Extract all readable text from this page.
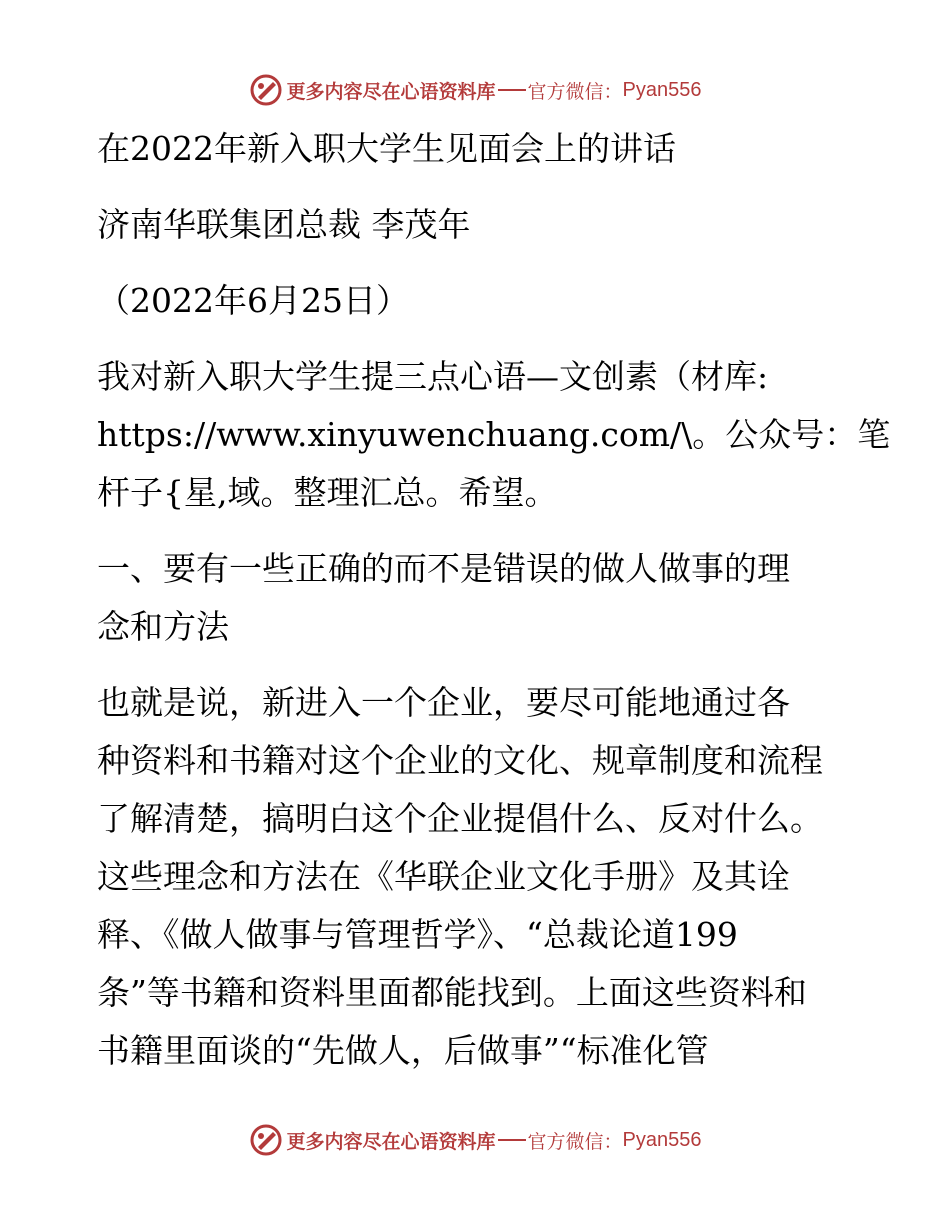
更多内容尽在心语资料库 官方微信： Pyan556
在2022年新入职大学生见面会上的讲话
济南华联集团总裁 李茂年
（2022年6月25日）
我对新入职大学生提三点心语—文创素（材库:
https://www.xinyuwenchuang.com/\。公众号：笔
杆子{星,域。整理汇总。希望。
一、要有一些正确的而不是错误的做人做事的理
念和方法
也就是说，新进入一个企业，要尽可能地通过各
种资料和书籍对这个企业的文化、规章制度和流程
了解清楚，搞明白这个企业提倡什么、反对什么。
这些理念和方法在《华联企业文化手册》及其诠
释、《做人做事与管理哲学》、“总裁论道199
条”等书籍和资料里面都能找到。上面这些资料和
书籍里面谈的“先做人，后做事”“标准化管
更多内容尽在心语资料库 官方微信： Pyan556
